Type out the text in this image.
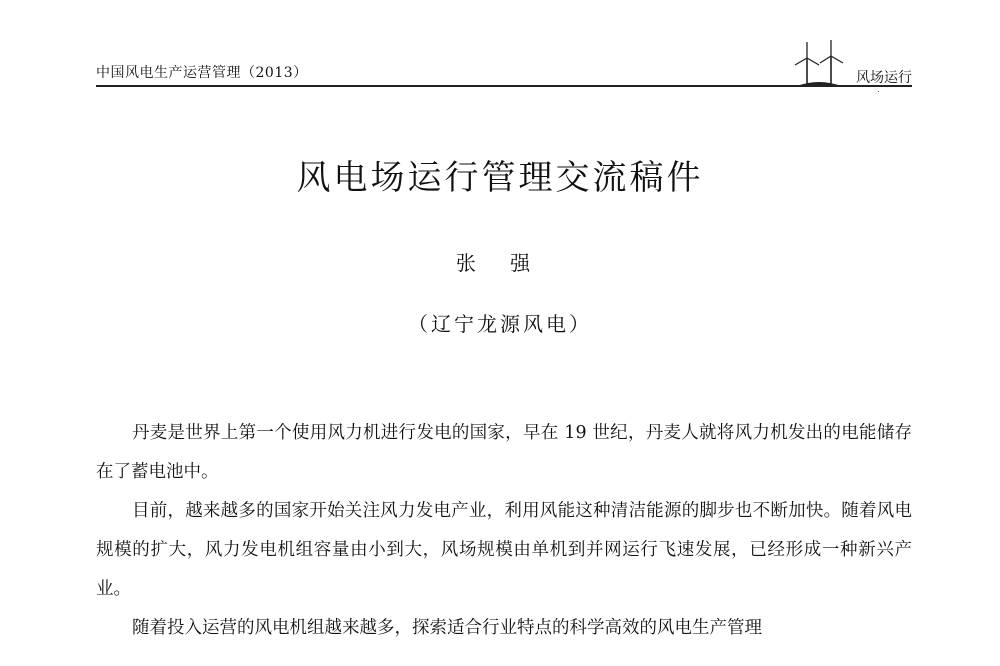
中国风电生产运营管理（2013）	风场运行
风电场运行管理交流稿件
张 强
（辽宁龙源风电）

丹麦是世界上第一个使用风力机进行发电的国家，早在 19 世纪，丹麦人就将风力机发出的电能储存在了蓄电池中。

目前，越来越多的国家开始关注风力发电产业，利用风能这种清洁能源的脚步也不断加快。随着风电规模的扩大，风力发电机组容量由小到大，风场规模由单机到并网运行飞速发展，已经形成一种新兴产业。

随着投入运营的风电机组越来越多，探索适合行业特点的科学高效的风电生产管理
